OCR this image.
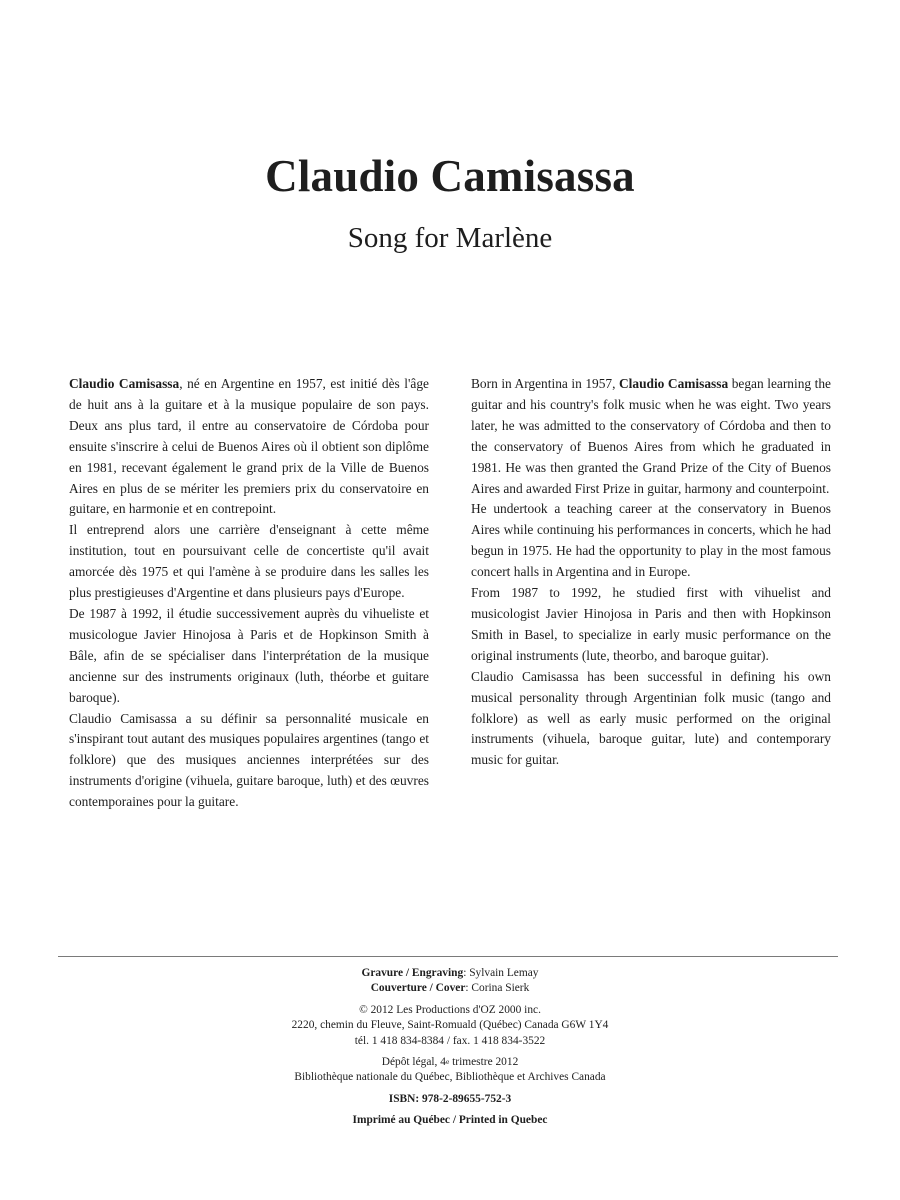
Claudio Camisassa
Song for Marlène

Claudio Camisassa, né en Argentine en 1957, est initié dès l'âge de huit ans à la guitare et à la musique populaire de son pays. Deux ans plus tard, il entre au conservatoire de Córdoba pour ensuite s'inscrire à celui de Buenos Aires où il obtient son diplôme en 1981, recevant également le grand prix de la Ville de Buenos Aires en plus de se mériter les premiers prix du conservatoire en guitare, en harmonie et en contrepoint.

Il entreprend alors une carrière d'enseignant à cette même institution, tout en poursuivant celle de concertiste qu'il avait amorcée dès 1975 et qui l'amène à se produire dans les salles les plus prestigieuses d'Argentine et dans plusieurs pays d'Europe.

De 1987 à 1992, il étudie successivement auprès du vihueliste et musicologue Javier Hinojosa à Paris et de Hopkinson Smith à Bâle, afin de se spécialiser dans l'interprétation de la musique ancienne sur des instruments originaux (luth, théorbe et guitare baroque).

Claudio Camisassa a su définir sa personnalité musicale en s'inspirant tout autant des musiques populaires argentines (tango et folklore) que des musiques anciennes interprétées sur des instruments d'origine (vihuela, guitare baroque, luth) et des œuvres contemporaines pour la guitare.

Born in Argentina in 1957, Claudio Camisassa began learning the guitar and his country's folk music when he was eight. Two years later, he was admitted to the conservatory of Córdoba and then to the conservatory of Buenos Aires from which he graduated in 1981. He was then granted the Grand Prize of the City of Buenos Aires and awarded First Prize in guitar, harmony and counterpoint.

He undertook a teaching career at the conservatory in Buenos Aires while continuing his performances in concerts, which he had begun in 1975. He had the opportunity to play in the most famous concert halls in Argentina and in Europe.

From 1987 to 1992, he studied first with vihuelist and musicologist Javier Hinojosa in Paris and then with Hopkinson Smith in Basel, to specialize in early music performance on the original instruments (lute, theorbo, and baroque guitar).

Claudio Camisassa has been successful in defining his own musical personality through Argentinian folk music (tango and folklore) as well as early music performed on the original instruments (vihuela, baroque guitar, lute) and contemporary music for guitar.

Gravure / Engraving: Sylvain Lemay
Couverture / Cover: Corina Sierk
© 2012 Les Productions d'OZ 2000 inc.
2220, chemin du Fleuve, Saint-Romuald (Québec) Canada G6W 1Y4
tél. 1 418 834-8384 / fax. 1 418 834-3522
Dépôt légal, 4e trimestre 2012
Bibliothèque nationale du Québec, Bibliothèque et Archives Canada
ISBN: 978-2-89655-752-3
Imprimé au Québec / Printed in Quebec
